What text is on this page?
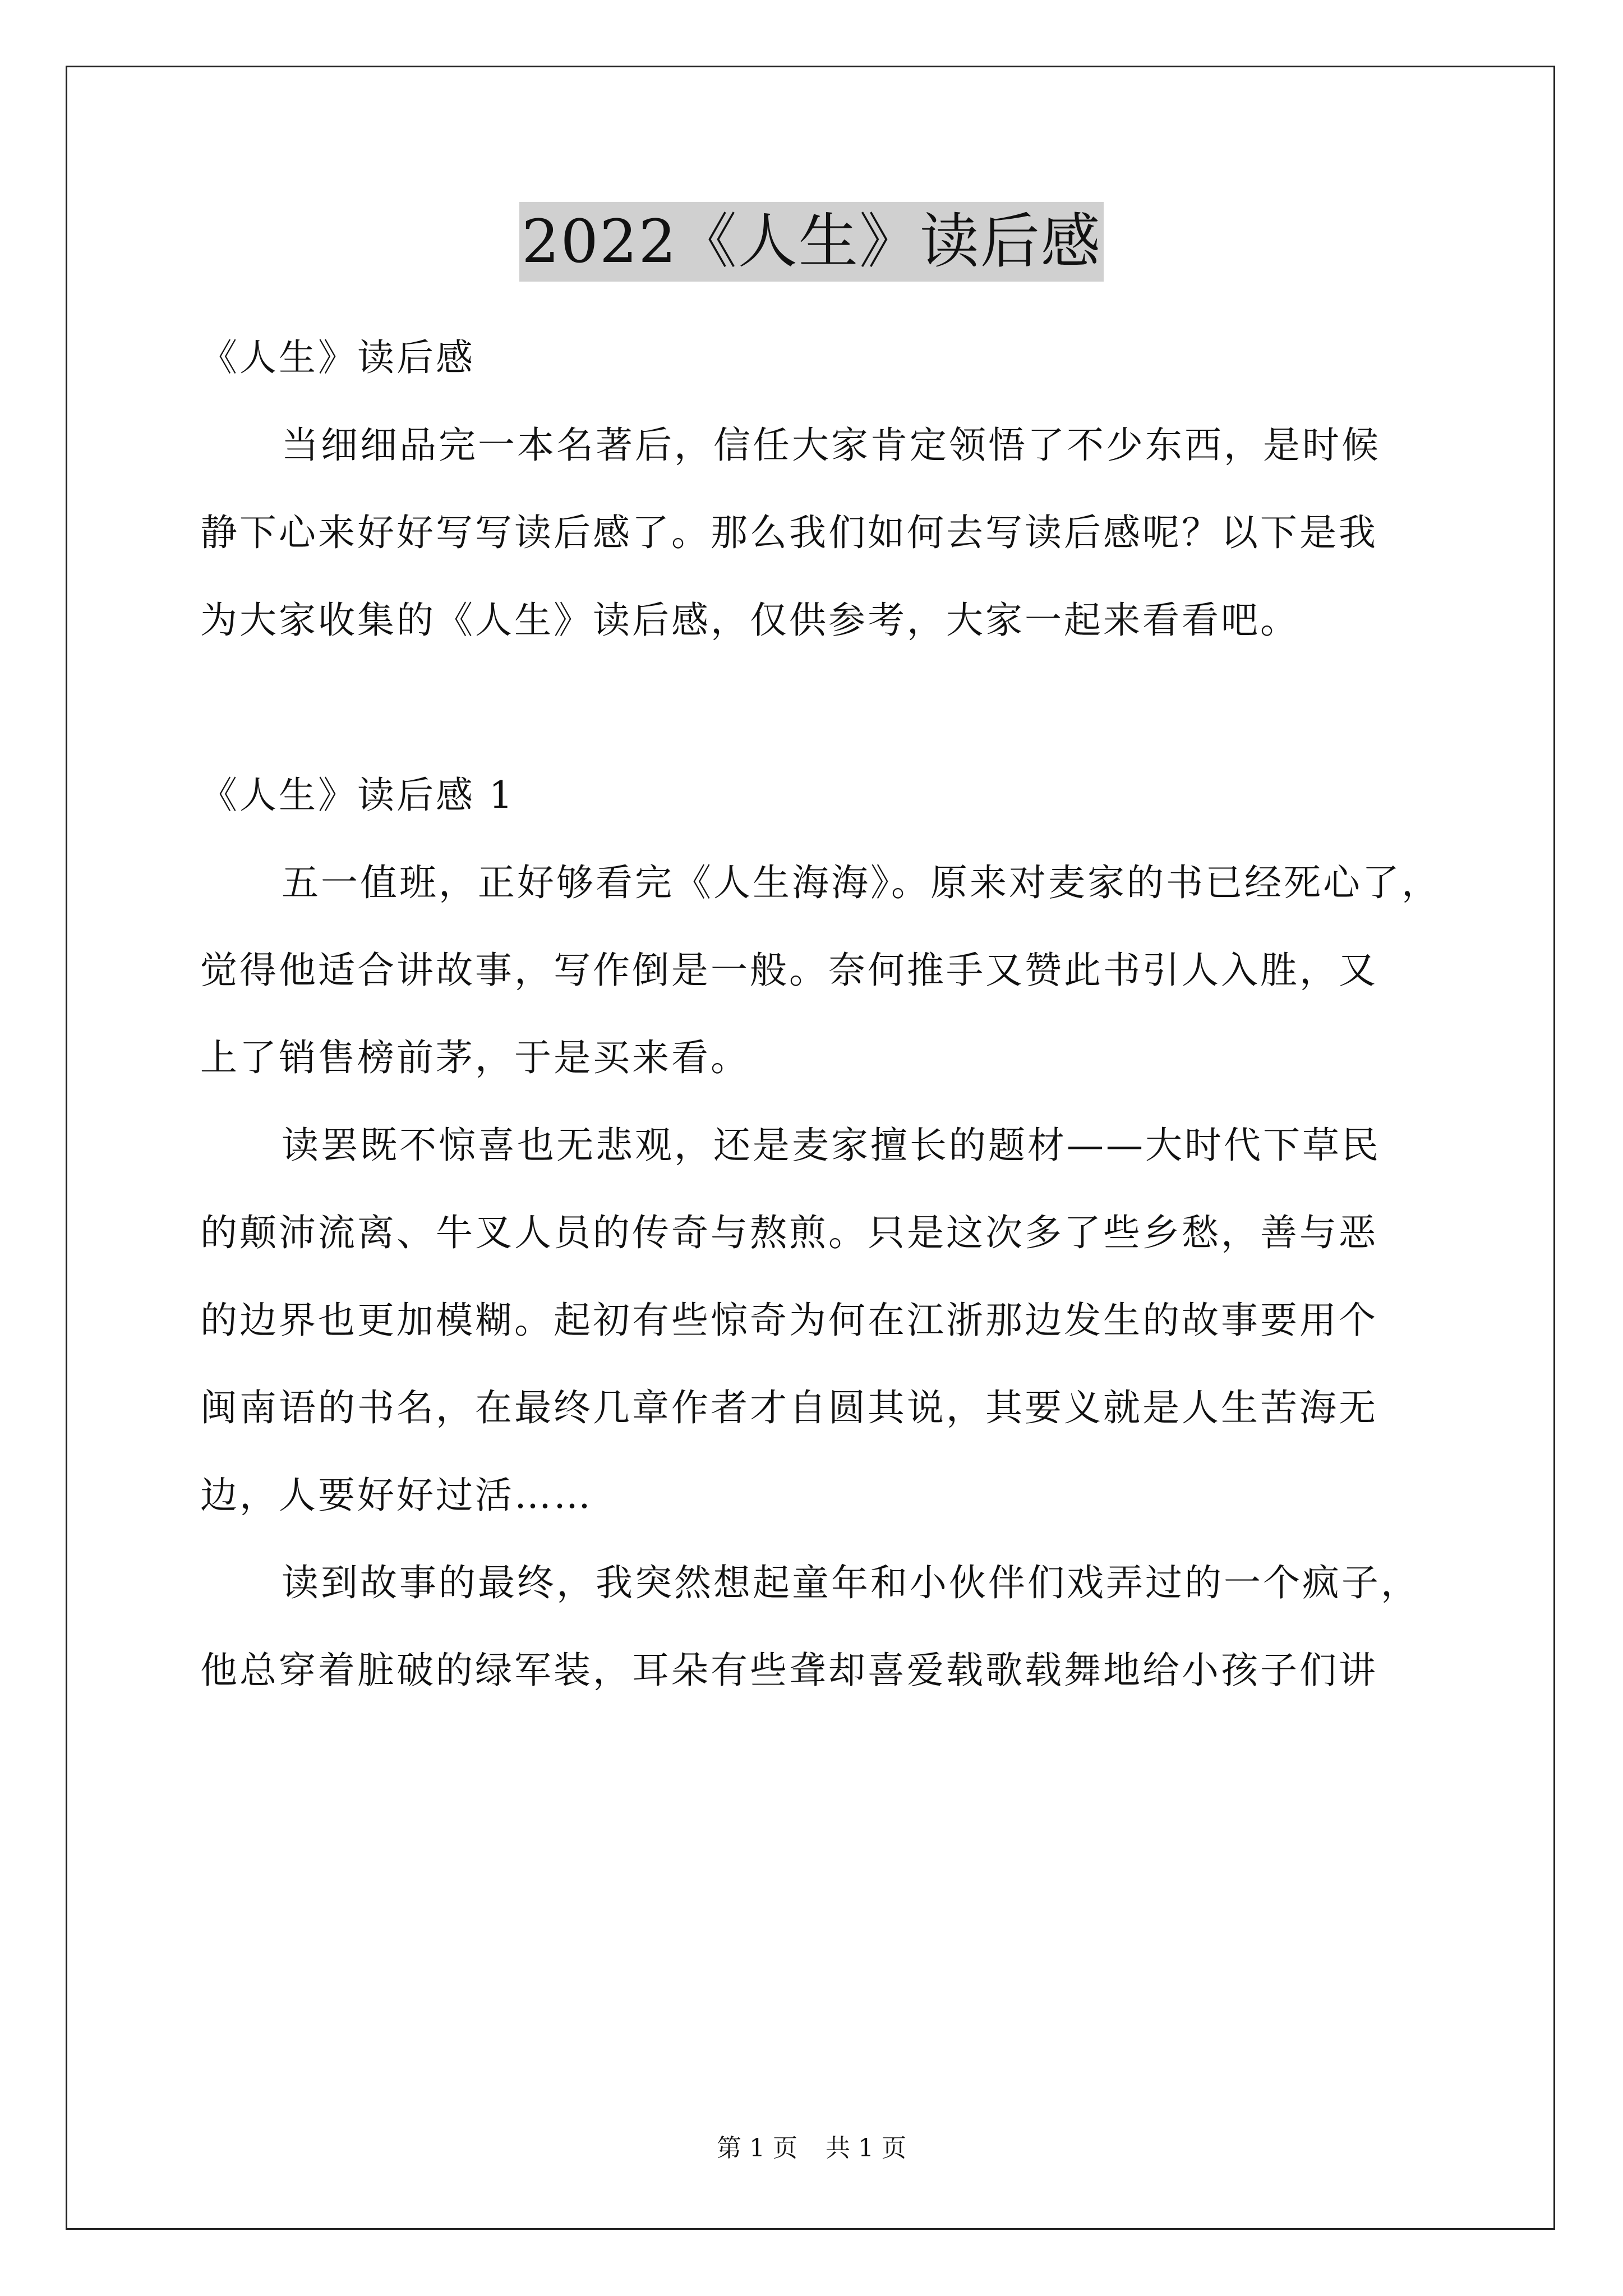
2022《人生》读后感
《人生》读后感
当细细品完一本名著后，信任大家肯定领悟了不少东西，是时候
静下心来好好写写读后感了。那么我们如何去写读后感呢？以下是我
为大家收集的《人生》读后感，仅供参考，大家一起来看看吧。
《人生》读后感 1
五一值班，正好够看完《人生海海》。原来对麦家的书已经死心了，
觉得他适合讲故事，写作倒是一般。奈何推手又赞此书引人入胜，又
上了销售榜前茅，于是买来看。
读罢既不惊喜也无悲观，还是麦家擅长的题材——大时代下草民
的颠沛流离、牛叉人员的传奇与熬煎。只是这次多了些乡愁，善与恶
的边界也更加模糊。起初有些惊奇为何在江浙那边发生的故事要用个
闽南语的书名，在最终几章作者才自圆其说，其要义就是人生苦海无
边，人要好好过活……
读到故事的最终，我突然想起童年和小伙伴们戏弄过的一个疯子，
他总穿着脏破的绿军装，耳朵有些聋却喜爱载歌载舞地给小孩子们讲
第 1 页 共 1 页
